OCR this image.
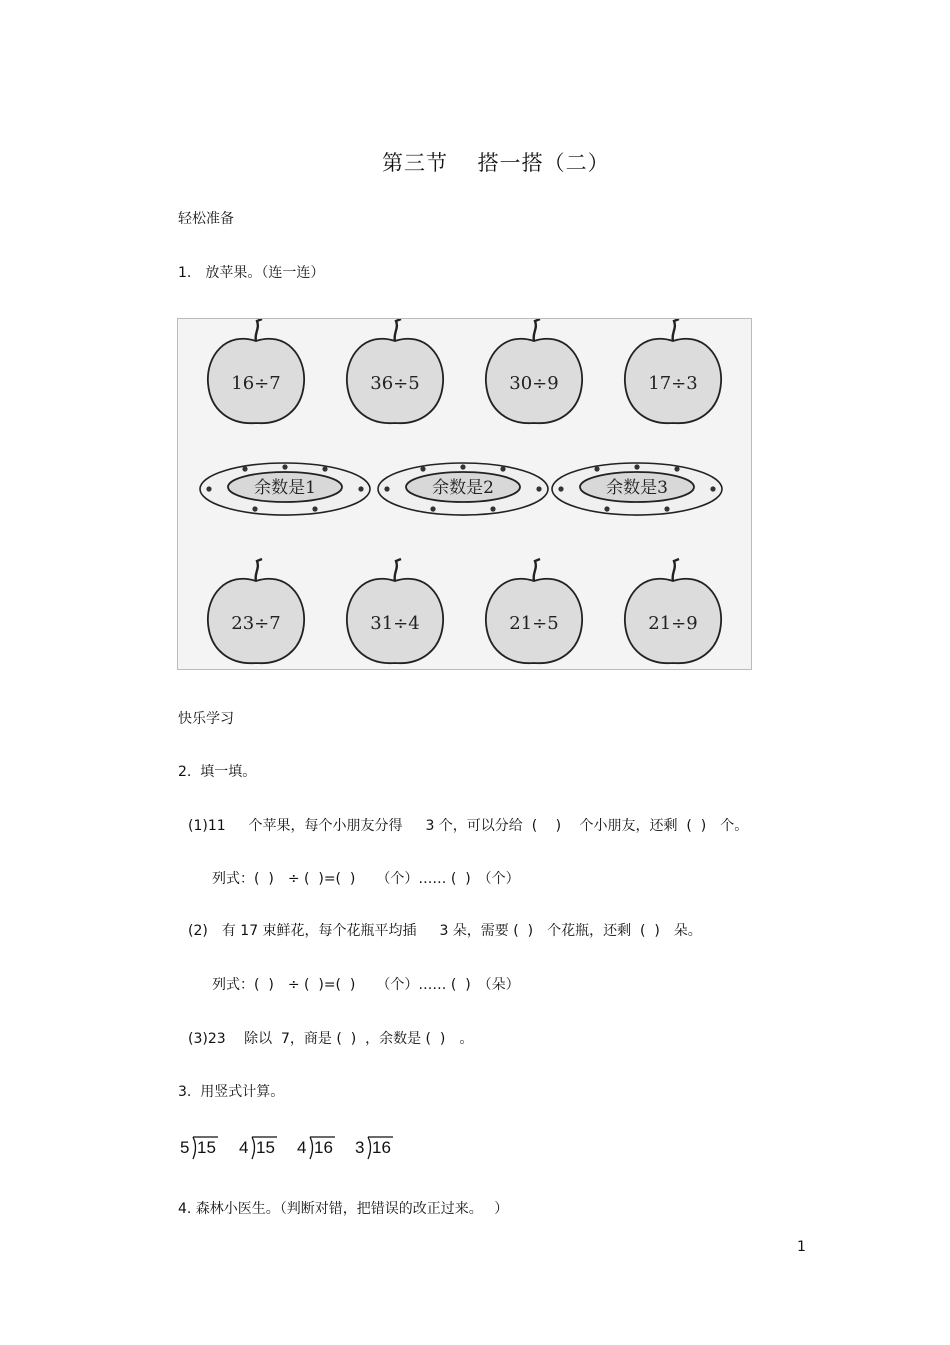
第三节　 搭一搭（二）
轻松准备
1.　放苹果。（连一连）
16÷7	36÷5	30÷9	17÷3
余数是1	余数是2	余数是3
23÷7	31÷4	21÷5	21÷9
快乐学习
2.  填一填。
(1)11　  个苹果，每个小朋友分得　  3 个，可以分给  (　 )　 个小朋友，还剩  (  )　个。
列式：(  )　÷ (  )=(  )　　（个）…… (  )　（个）
(2)　有 17 束鲜花，每个花瓶平均插　  3 朵，需要 (  )　个花瓶，还剩  (  )　朵。
列式：(  )　÷ (  )=(  )　　（个）…… (  )　（朵）
(3)23　 除以  7，商是 (  )  ，余数是 (  )　。
3.  用竖式计算。
5 15 4 15 4 16 3 16
4. 森林小医生。（判断对错，把错误的改正过来。　 ）
1
